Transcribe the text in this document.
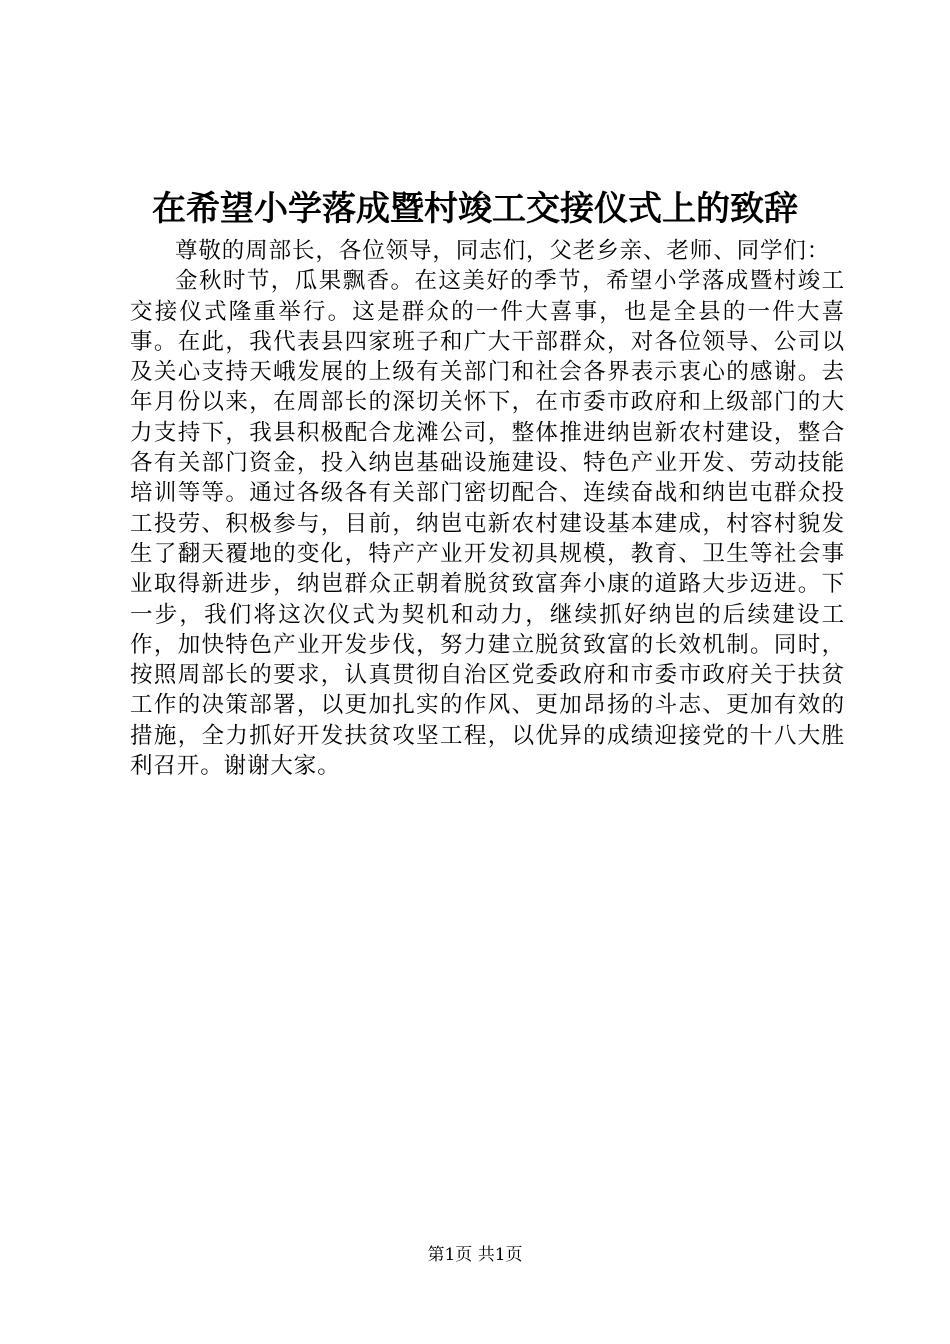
在希望小学落成暨村竣工交接仪式上的致辞

尊敬的周部长，各位领导，同志们，父老乡亲、老师、同学们：

金秋时节，瓜果飘香。在这美好的季节，希望小学落成暨村竣工交接仪式隆重举行。这是群众的一件大喜事，也是全县的一件大喜事。在此，我代表县四家班子和广大干部群众，对各位领导、公司以及关心支持天峨发展的上级有关部门和社会各界表示衷心的感谢。去年月份以来，在周部长的深切关怀下，在市委市政府和上级部门的大力支持下，我县积极配合龙滩公司，整体推进纳岜新农村建设，整合各有关部门资金，投入纳岜基础设施建设、特色产业开发、劳动技能培训等等。通过各级各有关部门密切配合、连续奋战和纳岜屯群众投工投劳、积极参与，目前，纳岜屯新农村建设基本建成，村容村貌发生了翻天覆地的变化，特产产业开发初具规模，教育、卫生等社会事业取得新进步，纳岜群众正朝着脱贫致富奔小康的道路大步迈进。下一步，我们将这次仪式为契机和动力，继续抓好纳岜的后续建设工作，加快特色产业开发步伐，努力建立脱贫致富的长效机制。同时，按照周部长的要求，认真贯彻自治区党委政府和市委市政府关于扶贫工作的决策部署，以更加扎实的作风、更加昂扬的斗志、更加有效的措施，全力抓好开发扶贫攻坚工程，以优异的成绩迎接党的十八大胜利召开。谢谢大家。

第1页 共1页
